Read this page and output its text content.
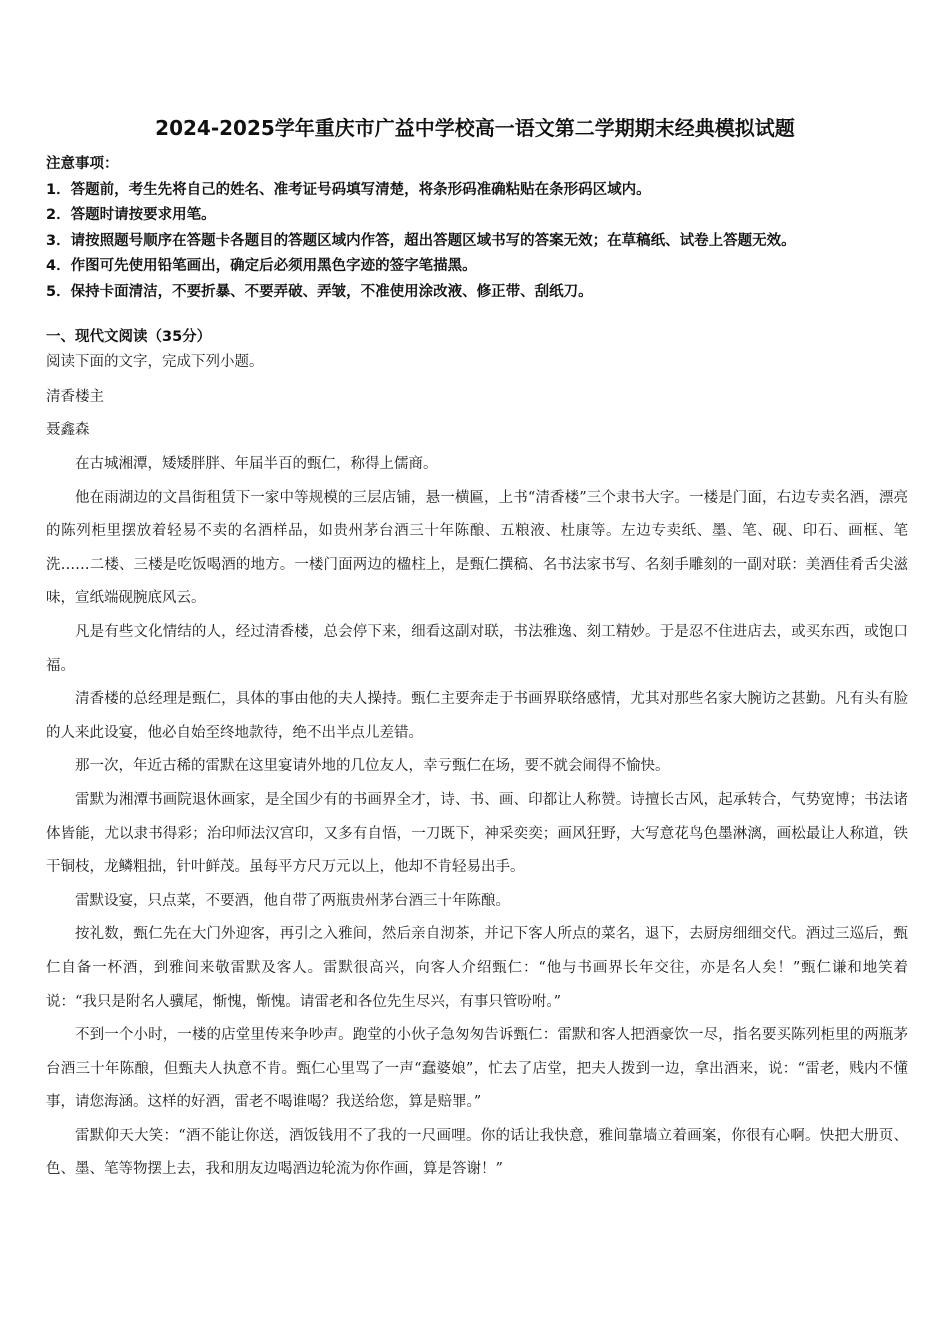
2024-2025学年重庆市广益中学校高一语文第二学期期末经典模拟试题
注意事项：
1．答题前，考生先将自己的姓名、准考证号码填写清楚，将条形码准确粘贴在条形码区域内。
2．答题时请按要求用笔。
3．请按照题号顺序在答题卡各题目的答题区域内作答，超出答题区域书写的答案无效；在草稿纸、试卷上答题无效。
4．作图可先使用铅笔画出，确定后必须用黑色字迹的签字笔描黑。
5．保持卡面清洁，不要折暴、不要弄破、弄皱，不准使用涂改液、修正带、刮纸刀。
一、现代文阅读（35分）
阅读下面的文字，完成下列小题。
清香楼主
聂鑫森

在古城湘潭，矮矮胖胖、年届半百的甄仁，称得上儒商。

他在雨湖边的文昌街租赁下一家中等规模的三层店铺，悬一横匾，上书“清香楼”三个隶书大字。一楼是门面，右边专卖名酒，漂亮的陈列柜里摆放着轻易不卖的名酒样品，如贵州茅台酒三十年陈酿、五粮液、杜康等。左边专卖纸、墨、笔、砚、印石、画框、笔洗……二楼、三楼是吃饭喝酒的地方。一楼门面两边的楹柱上，是甄仁撰稿、名书法家书写、名刻手雕刻的一副对联：美酒佳肴舌尖滋味，宣纸端砚腕底风云。

凡是有些文化情结的人，经过清香楼，总会停下来，细看这副对联，书法雅逸、刻工精妙。于是忍不住进店去，或买东西，或饱口福。

清香楼的总经理是甄仁，具体的事由他的夫人操持。甄仁主要奔走于书画界联络感情，尤其对那些名家大腕访之甚勤。凡有头有脸的人来此设宴，他必自始至终地款待，绝不出半点儿差错。

那一次，年近古稀的雷默在这里宴请外地的几位友人，幸亏甄仁在场，要不就会闹得不愉快。

雷默为湘潭书画院退休画家，是全国少有的书画界全才，诗、书、画、印都让人称赞。诗擅长古风，起承转合，气势宽博；书法诸体皆能，尤以隶书得彩；治印师法汉宫印，又多有自悟，一刀既下，神采奕奕；画风狂野，大写意花鸟色墨淋漓，画松最让人称道，铁干铜枝，龙鳞粗拙，针叶鲜茂。虽每平方尺万元以上，他却不肯轻易出手。

雷默设宴，只点菜，不要酒，他自带了两瓶贵州茅台酒三十年陈酿。

按礼数，甄仁先在大门外迎客，再引之入雅间，然后亲自沏茶，并记下客人所点的菜名，退下，去厨房细细交代。酒过三巡后，甄仁自备一杯酒，到雅间来敬雷默及客人。雷默很高兴，向客人介绍甄仁：“他与书画界长年交往，亦是名人矣！”甄仁谦和地笑着说：“我只是附名人骥尾，惭愧，惭愧。请雷老和各位先生尽兴，有事只管吩咐。”

不到一个小时，一楼的店堂里传来争吵声。跑堂的小伙子急匆匆告诉甄仁：雷默和客人把酒豪饮一尽，指名要买陈列柜里的两瓶茅台酒三十年陈酿，但甄夫人执意不肯。甄仁心里骂了一声“蠢婆娘”，忙去了店堂，把夫人拨到一边，拿出酒来，说：“雷老，贱内不懂事，请您海涵。这样的好酒，雷老不喝谁喝？我送给您，算是赔罪。”

雷默仰天大笑：“酒不能让你送，酒饭钱用不了我的一尺画哩。你的话让我快意，雅间靠墙立着画案，你很有心啊。快把大册页、色、墨、笔等物摆上去，我和朋友边喝酒边轮流为你作画，算是答谢！”
